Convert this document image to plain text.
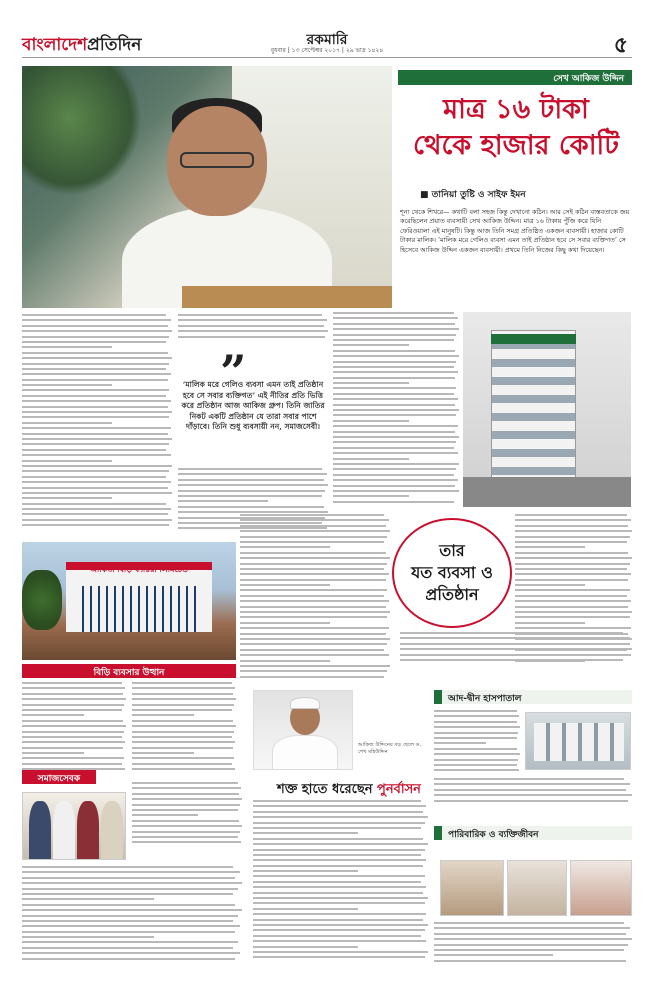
বাংলাদেশপ্রতিদিন	রকমারি
বুধবার | ১৩ সেপ্টেম্বর ২০১৭ | ২৯ ভাদ্র ১৪২৪	৫
সেখ আকিজ উদ্দিন
মাত্র ১৬ টাকা
থেকে হাজার কোটি
■ তানিয়া তুষ্টি ও সাইফ ইমন
শূন্য থেকে শিখরে— কথাটি বলা সহজ কিন্তু দেখানো কঠিন। আর সেই কঠিন বাস্তবতাকে জয় করেছিলেন প্রয়াত ব্যবসায়ী সেখ আকিজ উদ্দিন। মাত্র ১৬ টাকায় পুঁজি করে যিনি ফেরিওয়ালা এই মানুষটি। কিন্তু আজ তিনি সমগ্র প্রতিষ্ঠিত একজন ব্যবসায়ী। হাজার কোটি টাকার মালিক। ‘মালিক মরে গেলিও ব্যবসা এমন তাই প্রতিষ্ঠান হবে সে সবার ব্যক্তিগত’ সে হিসেবে আকিজ উদ্দিন একজন ব্যবসায়ী। প্রথমে তিনি নিজের কিছু কথা দিয়েছেন।
”
‘মালিক মরে গেলিও ব্যবসা এমন তাই প্রতিষ্ঠান হবে সে সবার ব্যক্তিগত’ এই নীতির প্রতি ভিত্তি করে প্রতিষ্ঠান আজ আকিজ গ্রুপ। তিনি জাতির নিকট একটি প্রতিষ্ঠান যে তারা সবার পাশে দাঁড়াবে। তিনি শুধু ব্যবসায়ী নন, সমাজসেবী।
তার
যত ব্যবসা ও
প্রতিষ্ঠান
আকিজ বিড়ি ফ্যাক্টরী লিমিটেড
বিড়ি ব্যবসার উত্থান
সমাজসেবক
আকিজ উদ্দিনের বড় ছেলে ড. শেখ মহিউদ্দিন
শক্ত হাতে ধরেছেন পুনর্বাসন
আদ-দ্বীন হাসপাতাল
পারিবারিক ও ব্যক্তিজীবন
